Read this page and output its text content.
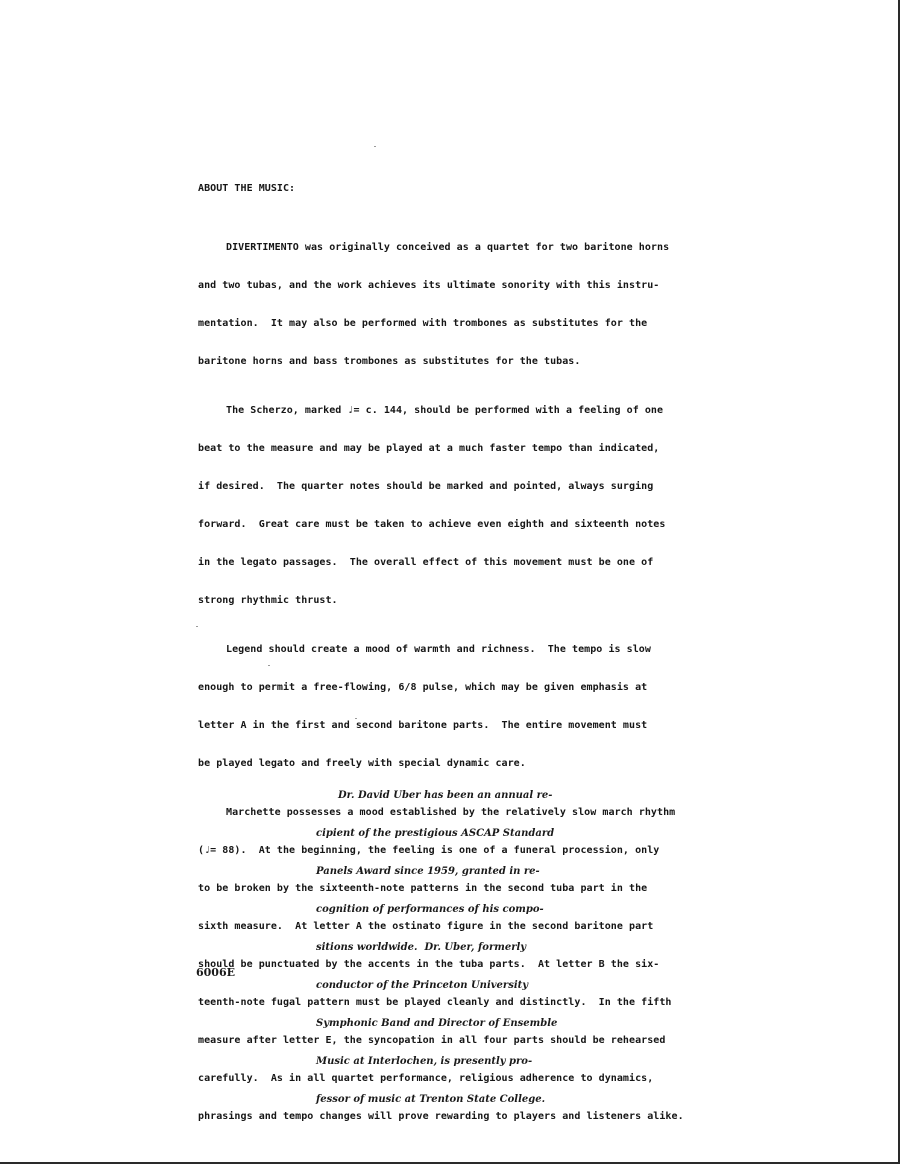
ABOUT THE MUSIC:

DIVERTIMENTO was originally conceived as a quartet for two baritone horns

and two tubas, and the work achieves its ultimate sonority with this instru-

mentation.  It may also be performed with trombones as substitutes for the

baritone horns and bass trombones as substitutes for the tubas.

The Scherzo, marked ♩= c. 144, should be performed with a feeling of one

beat to the measure and may be played at a much faster tempo than indicated,

if desired.  The quarter notes should be marked and pointed, always surging

forward.  Great care must be taken to achieve even eighth and sixteenth notes

in the legato passages.  The overall effect of this movement must be one of

strong rhythmic thrust.

Legend should create a mood of warmth and richness.  The tempo is slow

enough to permit a free-flowing, 6/8 pulse, which may be given emphasis at

letter A in the first and second baritone parts.  The entire movement must

be played legato and freely with special dynamic care.

Marchette possesses a mood established by the relatively slow march rhythm

(♩= 88).  At the beginning, the feeling is one of a funeral procession, only

to be broken by the sixteenth-note patterns in the second tuba part in the

sixth measure.  At letter A the ostinato figure in the second baritone part

should be punctuated by the accents in the tuba parts.  At letter B the six-

teenth-note fugal pattern must be played cleanly and distinctly.  In the fifth

measure after letter E, the syncopation in all four parts should be rehearsed

carefully.  As in all quartet performance, religious adherence to dynamics,

phrasings and tempo changes will prove rewarding to players and listeners alike.

Dr. David Uber has been an annual re-

cipient of the prestigious ASCAP Standard

Panels Award since 1959, granted in re-

cognition of performances of his compo-

sitions worldwide.  Dr. Uber, formerly

conductor of the Princeton University

Symphonic Band and Director of Ensemble

Music at Interlochen, is presently pro-

fessor of music at Trenton State College.

6006E
